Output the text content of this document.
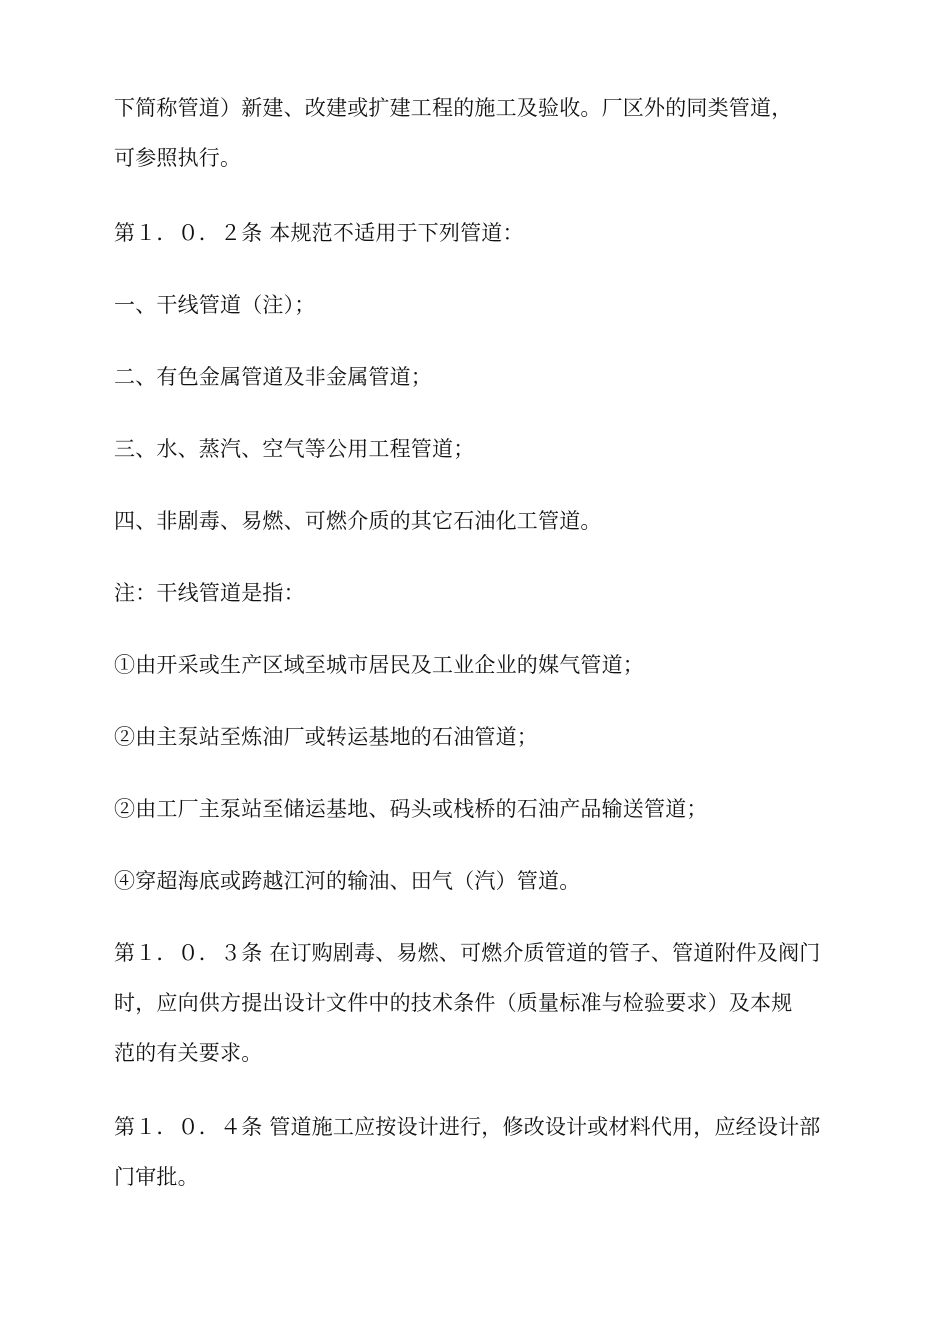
下简称管道）新建、改建或扩建工程的施工及验收。厂区外的同类管道，
可参照执行。
第１．０．２条 本规范不适用于下列管道：
一、干线管道（注）；
二、有色金属管道及非金属管道；
三、水、蒸汽、空气等公用工程管道；
四、非剧毒、易燃、可燃介质的其它石油化工管道。
注：干线管道是指：
①由开采或生产区域至城市居民及工业企业的媒气管道；
②由主泵站至炼油厂或转运基地的石油管道；
②由工厂主泵站至储运基地、码头或栈桥的石油产品输送管道；
④穿超海底或跨越江河的输油、田气（汽）管道。
第１．０．３条 在订购剧毒、易燃、可燃介质管道的管子、管道附件及阀门
时，应向供方提出设计文件中的技术条件（质量标准与检验要求）及本规
范的有关要求。
第１．０．４条 管道施工应按设计进行，修改设计或材料代用，应经设计部
门审批。
